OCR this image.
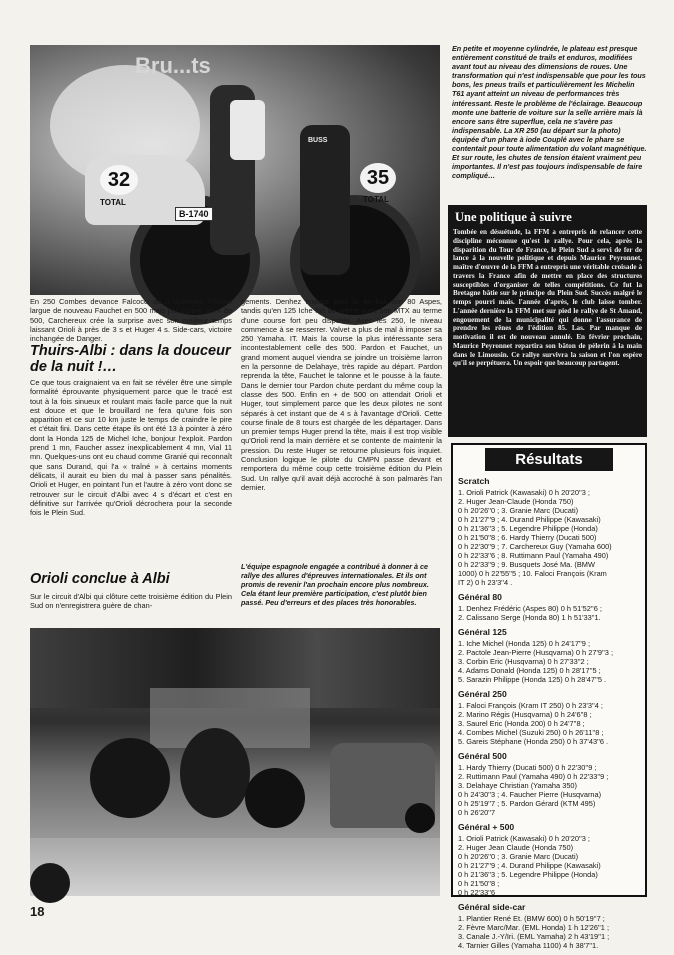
Bru...ts
32
TOTAL
B-1740
35
TOTAL
BUSS

En petite et moyenne cylindrée, le plateau est presque entièrement constitué de trails et enduros, modifiées avant tout au niveau des dimensions de roues. Une transformation qui n'est indispensable que pour les tous bons, les pneus trails et particulièrement les Michelin T61 ayant atteint un niveau de performances très intéressant. Reste le problème de l'éclairage. Beaucoup monte une batterie de voiture sur la selle arrière mais là encore sans être superflue, cela ne s'avère pas indispensable. La XR 250 (au départ sur la photo) équipée d'un phare à iode Couplé avec le phare se contentait pour toute alimentation du volant magnétique. Et sur route, les chutes de tension étaient vraiment peu importantes. Il n'est pas toujours indispensable de faire compliqué…

Une politique à suivre

Tombée en désuétude, la FFM a entrepris de relancer cette discipline méconnue qu'est le rallye. Pour cela, après la disparition du Tour de France, le Plein Sud a servi de fer de lance à la nouvelle politique et depuis Maurice Peyronnet, maître d'œuvre de la FFM a entrepris une véritable croisade à travers la France afin de mettre en place des structures susceptibles d'organiser de telles compétitions. Ce fut la Bretagne bâtie sur le principe du Plein Sud. Succès malgré le temps pourri mais. l'année d'après, le club laisse tomber. L'année dernière la FFM met sur pied le rallye de St Amand, engouement de la municipalité qui donne l'assurance de prendre les rênes de l'édition 85. Las. Par manque de motivation il est de nouveau annulé. En février prochain, Maurice Peyronnet repartira son bâton de pèlerin à la main dans le Limousin. Ce rallye survivra la saison et l'on espère qu'il se perpétuera. Un espoir que beaucoup partagent.

En 250 Combes devance Falcocci de 3 dixièmes. Pardon largue de nouveau Fauchet en 500 mais par contre, en + de 500, Carchereux crée la surprise avec son meilleur temps laissant Orioli à près de 3 s et Huger 4 s. Side-cars, victoire inchangée de Danger.

Thuirs-Albi : dans la douceur de la nuit !…

Ce que tous craignaient va en fait se révéler être une simple formalité éprouvante physiquement parce que le tracé est tout à la fois sinueux et roulant mais facile parce que la nuit est douce et que le brouillard ne fera qu'une fois son apparition et ce sur 10 km juste le temps de craindre le pire et c'était fini. Dans cette étape ils ont été 13 à pointer à zéro dont la Honda 125 de Michel Iche, bonjour l'exploit. Pardon prend 1 mn, Faucher assez inexplicablement 4 mn, Vial 11 mn. Quelques-uns ont eu chaud comme Granié qui reconnaît que sans Durand, qui l'a « traîné » à certains moments délicats, il aurait eu bien du mal à passer sans pénalités. Orioli et Huger, en pointant l'un et l'autre à zéro vont donc se retrouver sur le circuit d'Albi avec 4 s d'écart et c'est en définitive sur l'arrivée qu'Orioli décrochera pour la seconde fois le Plein Sud.

Orioli conclue à Albi

Sur le circuit d'Albi qui clôture cette troisième édition du Plein Sud on n'enregistrera guère de chan-

gements. Denhez impose pour la 4e fois son 80 Aspes, tandis qu'en 125 Iche fait de même avec son MTX au terme d'une course fort peu disputée. Avec les 250, le niveau commence à se resserrer. Valvet a plus de mal à imposer sa 250 Yamaha. IT. Mais la course la plus intéressante sera incontestablement celle des 500. Pardon et Fauchet, un grand moment auquel viendra se joindre un troisième larron en la personne de Delahaye, très rapide au départ. Pardon reprenda la tête, Fauchet le talonne et le pousse à la faute. Dans le dernier tour Pardon chute perdant du même coup la classe des 500. Enfin en + de 500 on attendait Orioli et Huger, tout simplement parce que les deux pilotes ne sont séparés à cet instant que de 4 s à l'avantage d'Orioli. Cette course finale de 8 tours est chargée de les départager. Dans un premier temps Huger prend la tête, mais il est trop visible qu'Orioli rend la main derrière et se contente de maintenir la pression. Du reste Huger se retourne plusieurs fois inquiet. Conclusion logique le pilote du CMPN passe devant et remportera du même coup cette troisième édition du Plein Sud. Un rallye qu'il avait déjà accroché à son palmarès l'an dernier.

L'équipe espagnole engagée a contribué à donner à ce rallye des allures d'épreuves internationales. Et ils ont promis de revenir l'an prochain encore plus nombreux. Cela étant leur première participation, c'est plutôt bien passé. Peu d'erreurs et des places très honorables.

Résultats
Scratch
1. Orioli Patrick (Kawasaki) 0 h 20'20''3 ;
2. Huger Jean-Claude (Honda 750)
0 h 20'26''0 ; 3. Granie Marc (Ducati)
0 h 21'27''9 ; 4. Durand Philippe (Kawasaki)
0 h 21'36''3 ; 5. Legendre Philippe (Honda)
0 h 21'50''8 ; 6. Hardy Thierry (Ducati 500)
0 h 22'30''9 ; 7. Carchereux Guy (Yamaha 600)
0 h 22'33''6 ; 8. Ruttimann Paul (Yamaha 490)
0 h 22'33''9 ; 9. Busquets José Ma. (BMW
1000) 0 h 22'55''5 ; 10. Faloci François (Kram
IT 2) 0 h 23'3''4 .
Général 80
1. Denhez Frédéric (Aspes 80) 0 h 51'52''6 ;
2. Calissano Serge (Honda 80) 1 h 51'33''1.
Général 125
1. Iche Michel (Honda 125) 0 h 24'17''9 ;
2. Pactole Jean-Pierre (Husqvarna) 0 h 27'9''3 ;
3. Corbin Eric (Husqvarna) 0 h 27'33''2 ;
4. Adams Donald (Honda 125) 0 h 28'17''5 ;
5. Sarazin Philippe (Honda 125) 0 h 28'47''5 .
Général 250
1. Faloci François (Kram IT 250) 0 h 23'3''4 ;
2. Marino Régis (Husqvarna) 0 h 24'6''8 ;
3. Saurel Eric (Honda 200) 0 h 24'7''8 ;
4. Combes Michel (Suzuki 250) 0 h 26'11''8 ;
5. Gareis Stéphane (Honda 250) 0 h 37'43''6 .
Général 500
1. Hardy Thierry (Ducati 500) 0 h 22'30''9 ;
2. Ruttimann Paul (Yamaha 490) 0 h 22'33''9 ;
3. Delahaye Christian (Yamaha 350)
0 h 24'30''3 ; 4. Faucher Pierre (Husqvarna)
0 h 25'19''7 ; 5. Pardon Gérard (KTM 495)
0 h 26'20''7
Général + 500
1. Orioli Patrick (Kawasaki) 0 h 20'20''3 ;
2. Huger Jean Claude (Honda 750)
0 h 20'26''0 ; 3. Granie Marc (Ducati)
0 h 21'27''9 ; 4. Durand Philippe (Kawasaki)
0 h 21'36''3 ; 5. Legendre Philippe (Honda)
0 h 21'50''8 ;
0 h 22'33''6
Général side-car
1. Plantier René Et. (BMW 600) 0 h 50'19''7 ;
2. Fèvre Marc/Mar. (EML Honda) 1 h 12'26''1 ;
3. Canale J.-Y/Iri. (EML Yamaha) 2 h 43'19''1 ;
4. Tarnier Gilles (Yamaha 1100) 4 h 38'7''1.
18
